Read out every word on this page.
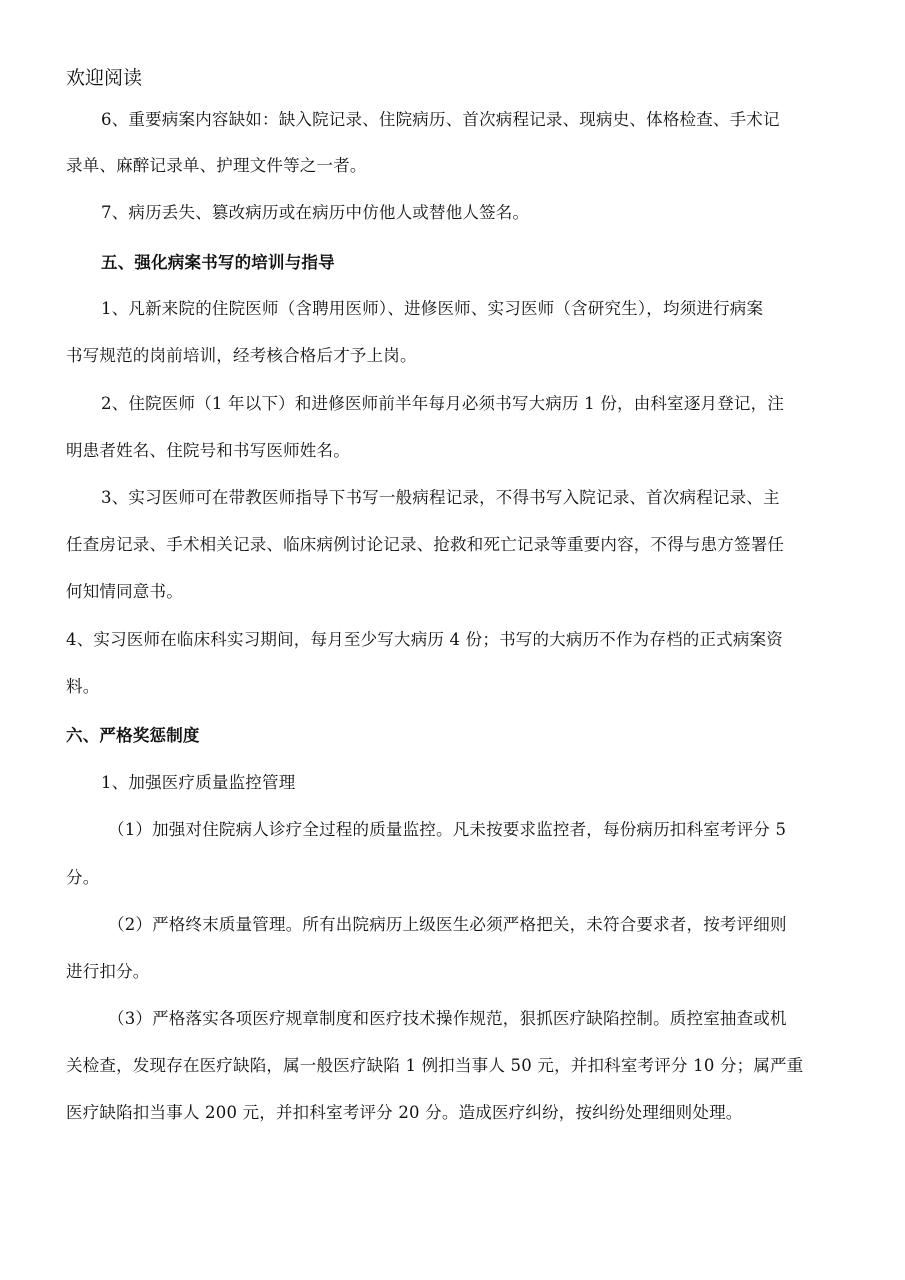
欢迎阅读
6、重要病案内容缺如：缺入院记录、住院病历、首次病程记录、现病史、体格检查、手术记
录单、麻醉记录单、护理文件等之一者。
7、病历丢失、篡改病历或在病历中仿他人或替他人签名。
五、强化病案书写的培训与指导
1、凡新来院的住院医师（含聘用医师）、进修医师、实习医师（含研究生），均须进行病案
书写规范的岗前培训，经考核合格后才予上岗。
2、住院医师（1 年以下）和进修医师前半年每月必须书写大病历 1 份，由科室逐月登记，注
明患者姓名、住院号和书写医师姓名。
3、实习医师可在带教医师指导下书写一般病程记录，不得书写入院记录、首次病程记录、主
任查房记录、手术相关记录、临床病例讨论记录、抢救和死亡记录等重要内容，不得与患方签署任
何知情同意书。
4、实习医师在临床科实习期间，每月至少写大病历 4 份；书写的大病历不作为存档的正式病案资
料。
六、严格奖惩制度
1、加强医疗质量监控管理
（1）加强对住院病人诊疗全过程的质量监控。凡未按要求监控者，每份病历扣科室考评分 5
分。
（2）严格终末质量管理。所有出院病历上级医生必须严格把关，未符合要求者，按考评细则
进行扣分。
（3）严格落实各项医疗规章制度和医疗技术操作规范，狠抓医疗缺陷控制。质控室抽查或机
关检查，发现存在医疗缺陷，属一般医疗缺陷 1 例扣当事人 50 元，并扣科室考评分 10 分；属严重
医疗缺陷扣当事人 200 元，并扣科室考评分 20 分。造成医疗纠纷，按纠纷处理细则处理。
